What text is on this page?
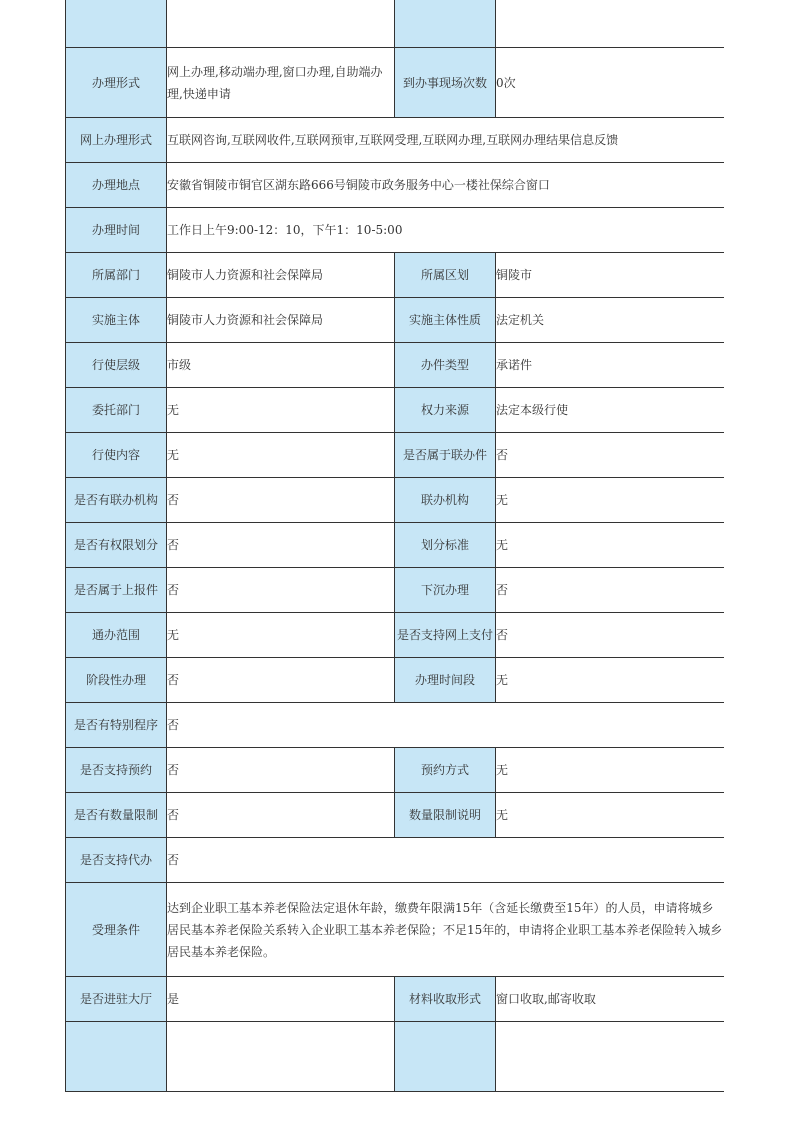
办理形式	网上办理,移动端办理,窗口办理,自助端办理,快递申请	到办事现场次数	0次
网上办理形式	互联网咨询,互联网收件,互联网预审,互联网受理,互联网办理,互联网办理结果信息反馈		
办理地点	安徽省铜陵市铜官区湖东路666号铜陵市政务服务中心一楼社保综合窗口		
办理时间	工作日上午9:00-12：10，下午1：10-5:00		
所属部门	铜陵市人力资源和社会保障局	所属区划	铜陵市
实施主体	铜陵市人力资源和社会保障局	实施主体性质	法定机关
行使层级	市级	办件类型	承诺件
委托部门	无	权力来源	法定本级行使
行使内容	无	是否属于联办件	否
是否有联办机构	否	联办机构	无
是否有权限划分	否	划分标准	无
是否属于上报件	否	下沉办理	否
通办范围	无	是否支持网上支付	否
阶段性办理	否	办理时间段	无
是否有特别程序	否		
是否支持预约	否	预约方式	无
是否有数量限制	否	数量限制说明	无
是否支持代办	否		
受理条件	达到企业职工基本养老保险法定退休年龄，缴费年限满15年（含延长缴费至15年）的人员，申请将城乡居民基本养老保险关系转入企业职工基本养老保险；不足15年的，申请将企业职工基本养老保险转入城乡居民基本养老保险。		
是否进驻大厅	是	材料收取形式	窗口收取,邮寄收取
